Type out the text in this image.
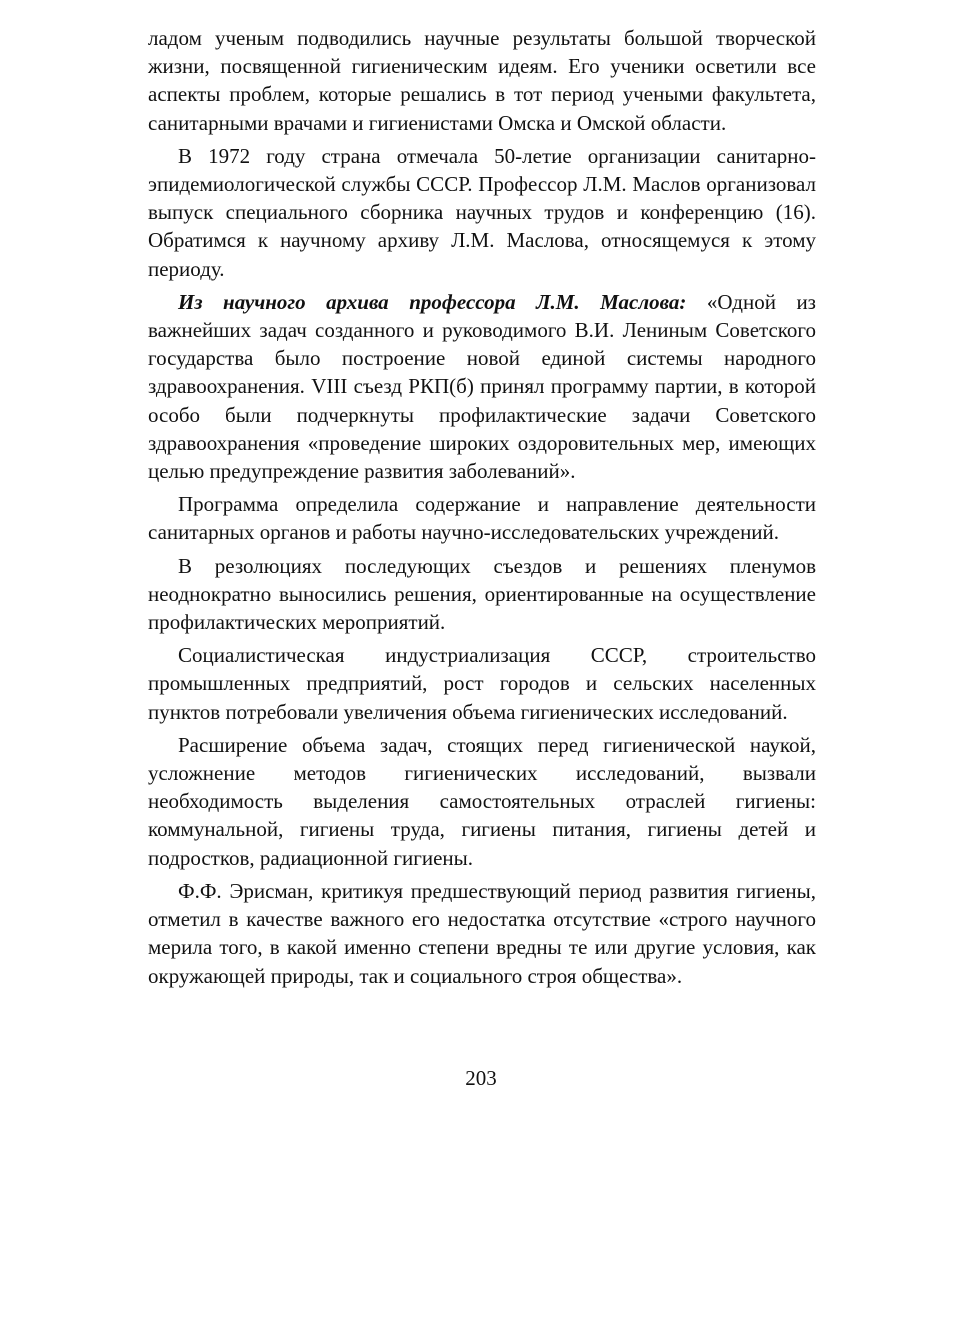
ладом ученым подводились научные результаты большой творческой жизни, посвященной гигиеническим идеям. Его ученики осветили все аспекты проблем, которые решались в тот период учеными факультета, санитарными врачами и гигиенистами Омска и Омской области.

В 1972 году страна отмечала 50-летие организации санитарно-эпидемиологической службы СССР. Профессор Л.М. Маслов организовал выпуск специального сборника научных трудов и конференцию (16). Обратимся к научному архиву Л.М. Маслова, относящемуся к этому периоду.

Из научного архива профессора Л.М. Маслова: «Одной из важнейших задач созданного и руководимого В.И. Лениным Советского государства было построение новой единой системы народного здравоохранения. VIII съезд РКП(б) принял программу партии, в которой особо были подчеркнуты профилактические задачи Советского здравоохранения «проведение широких оздоровительных мер, имеющих целью предупреждение развития заболеваний».

Программа определила содержание и направление деятельности санитарных органов и работы научно-исследовательских учреждений.

В резолюциях последующих съездов и решениях пленумов неоднократно выносились решения, ориентированные на осуществление профилактических мероприятий.

Социалистическая индустриализация СССР, строительство промышленных предприятий, рост городов и сельских населенных пунктов потребовали увеличения объема гигиенических исследований.

Расширение объема задач, стоящих перед гигиенической наукой, усложнение методов гигиенических исследований, вызвали необходимость выделения самостоятельных отраслей гигиены: коммунальной, гигиены труда, гигиены питания, гигиены детей и подростков, радиационной гигиены.

Ф.Ф. Эрисман, критикуя предшествующий период развития гигиены, отметил в качестве важного его недостатка отсутствие «строго научного мерила того, в какой именно степени вредны те или другие условия, как окружающей природы, так и социального строя общества».

203
